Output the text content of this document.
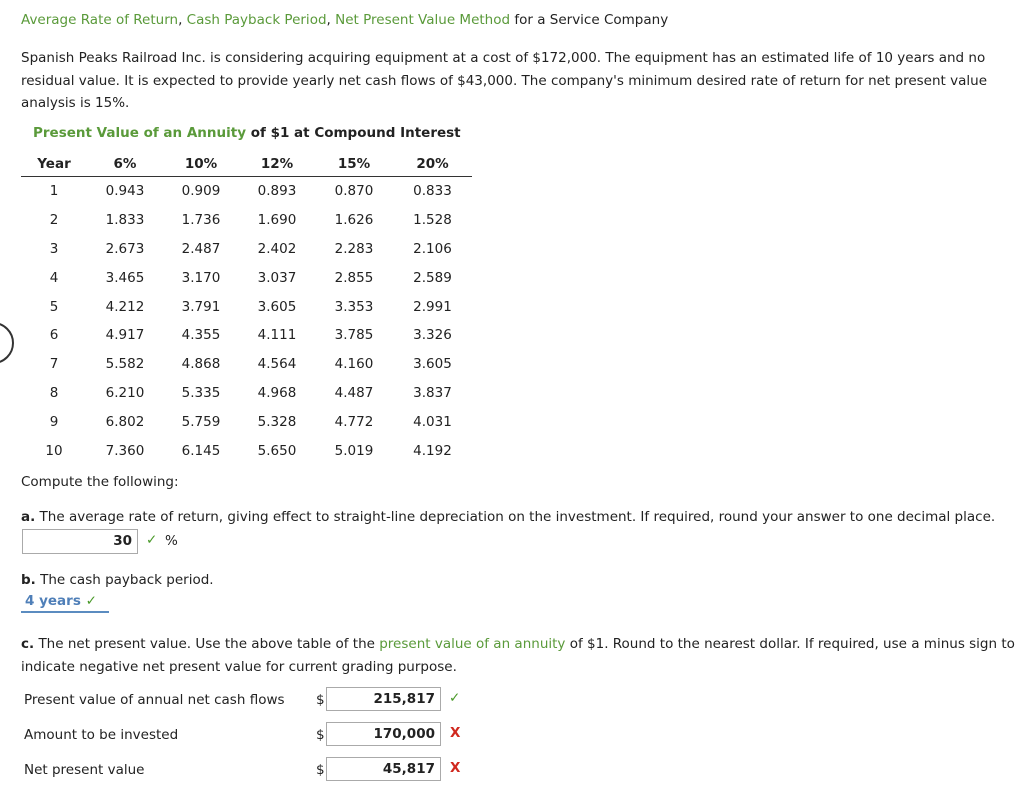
Average Rate of Return, Cash Payback Period, Net Present Value Method for a Service Company
Spanish Peaks Railroad Inc. is considering acquiring equipment at a cost of $172,000. The equipment has an estimated life of 10 years and no residual value. It is expected to provide yearly net cash flows of $43,000. The company's minimum desired rate of return for net present value analysis is 15%.
Present Value of an Annuity of $1 at Compound Interest
Year	6%	10%	12%	15%	20%
1	0.943	0.909	0.893	0.870	0.833
2	1.833	1.736	1.690	1.626	1.528
3	2.673	2.487	2.402	2.283	2.106
4	3.465	3.170	3.037	2.855	2.589
5	4.212	3.791	3.605	3.353	2.991
6	4.917	4.355	4.111	3.785	3.326
7	5.582	4.868	4.564	4.160	3.605
8	6.210	5.335	4.968	4.487	3.837
9	6.802	5.759	5.328	4.772	4.031
10	7.360	6.145	5.650	5.019	4.192
Compute the following:
a. The average rate of return, giving effect to straight-line depreciation on the investment. If required, round your answer to one decimal place.
30	✓ %
b. The cash payback period.
4 years ✓
c. The net present value. Use the above table of the present value of an annuity of $1. Round to the nearest dollar. If required, use a minus sign to indicate negative net present value for current grading purpose.
Present value of annual net cash flows $	215,817	✓
Amount to be invested	$	170,000	X
Net present value	$	45,817	X
